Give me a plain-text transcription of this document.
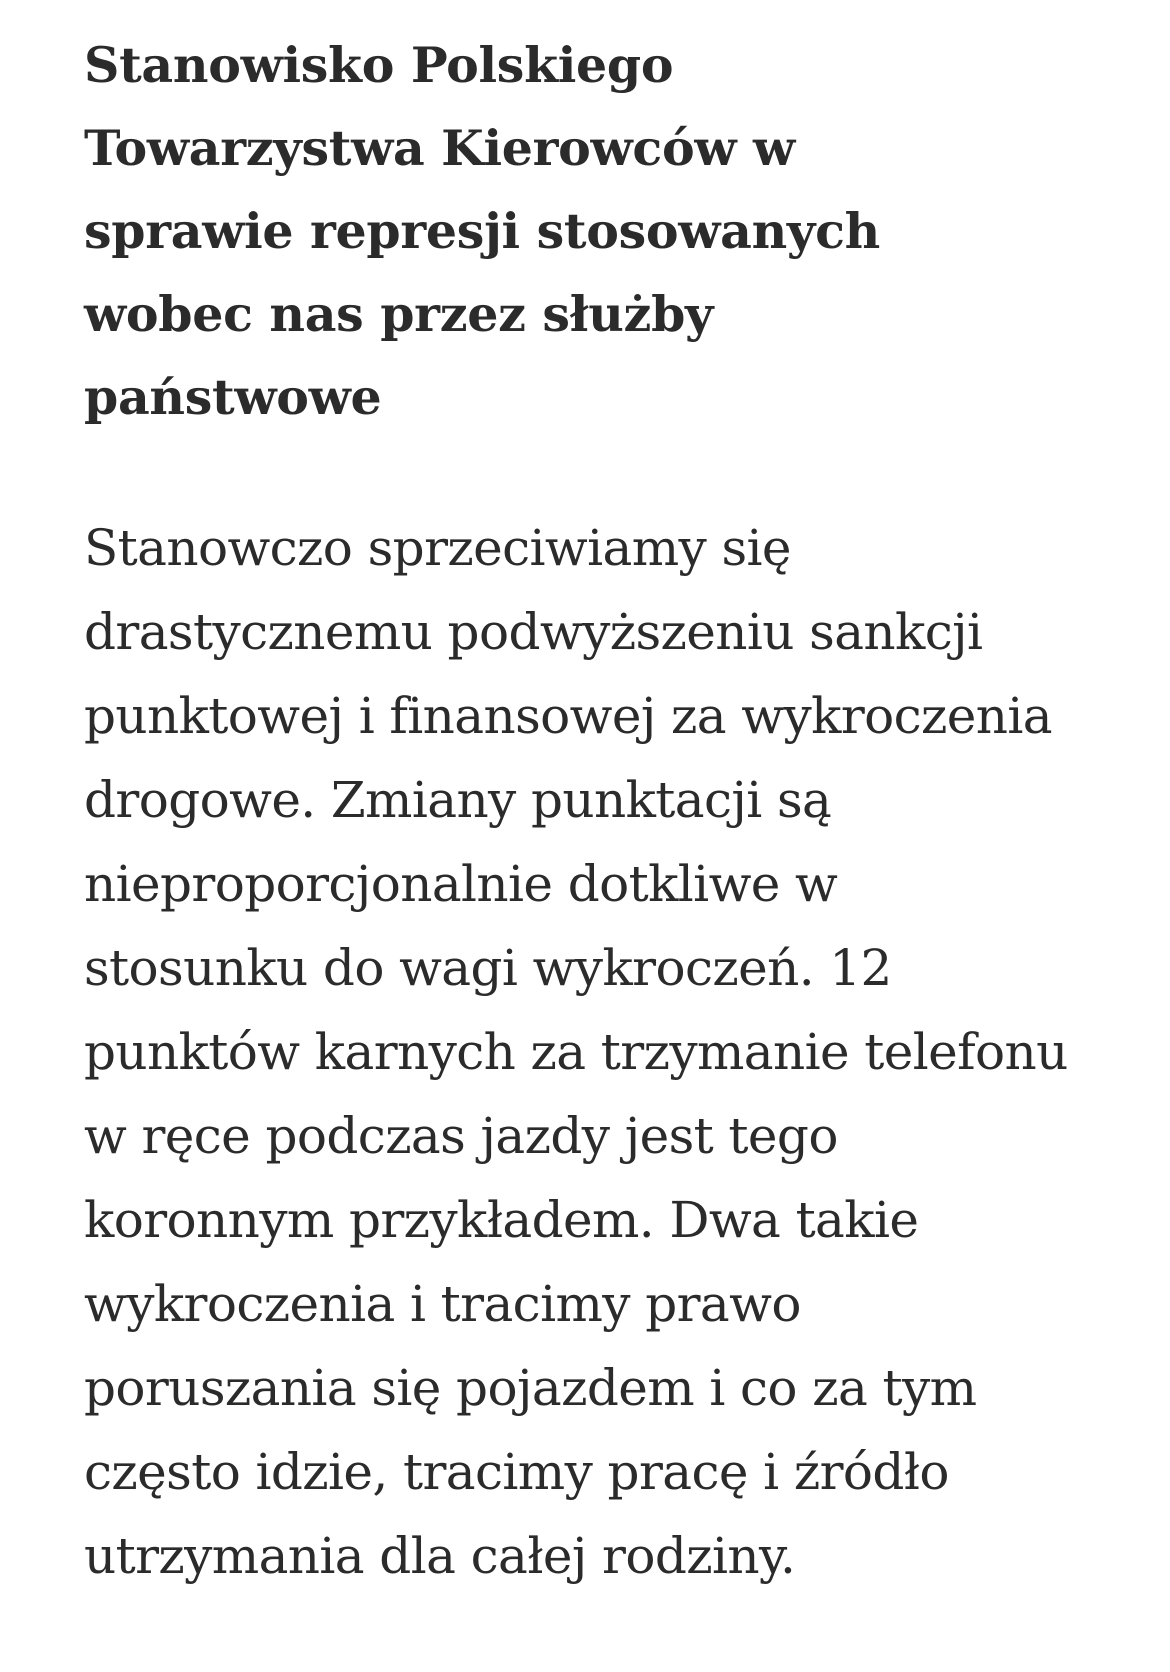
Stanowisko Polskiego
Towarzystwa Kierowców w
sprawie represji stosowanych
wobec nas przez służby
państwowe

Stanowczo sprzeciwiamy się
drastycznemu podwyższeniu sankcji
punktowej i finansowej za wykroczenia
drogowe. Zmiany punktacji są
nieproporcjonalnie dotkliwe w
stosunku do wagi wykroczeń. 12
punktów karnych za trzymanie telefonu
w ręce podczas jazdy jest tego
koronnym przykładem. Dwa takie
wykroczenia i tracimy prawo
poruszania się pojazdem i co za tym
często idzie, tracimy pracę i źródło
utrzymania dla całej rodziny.
